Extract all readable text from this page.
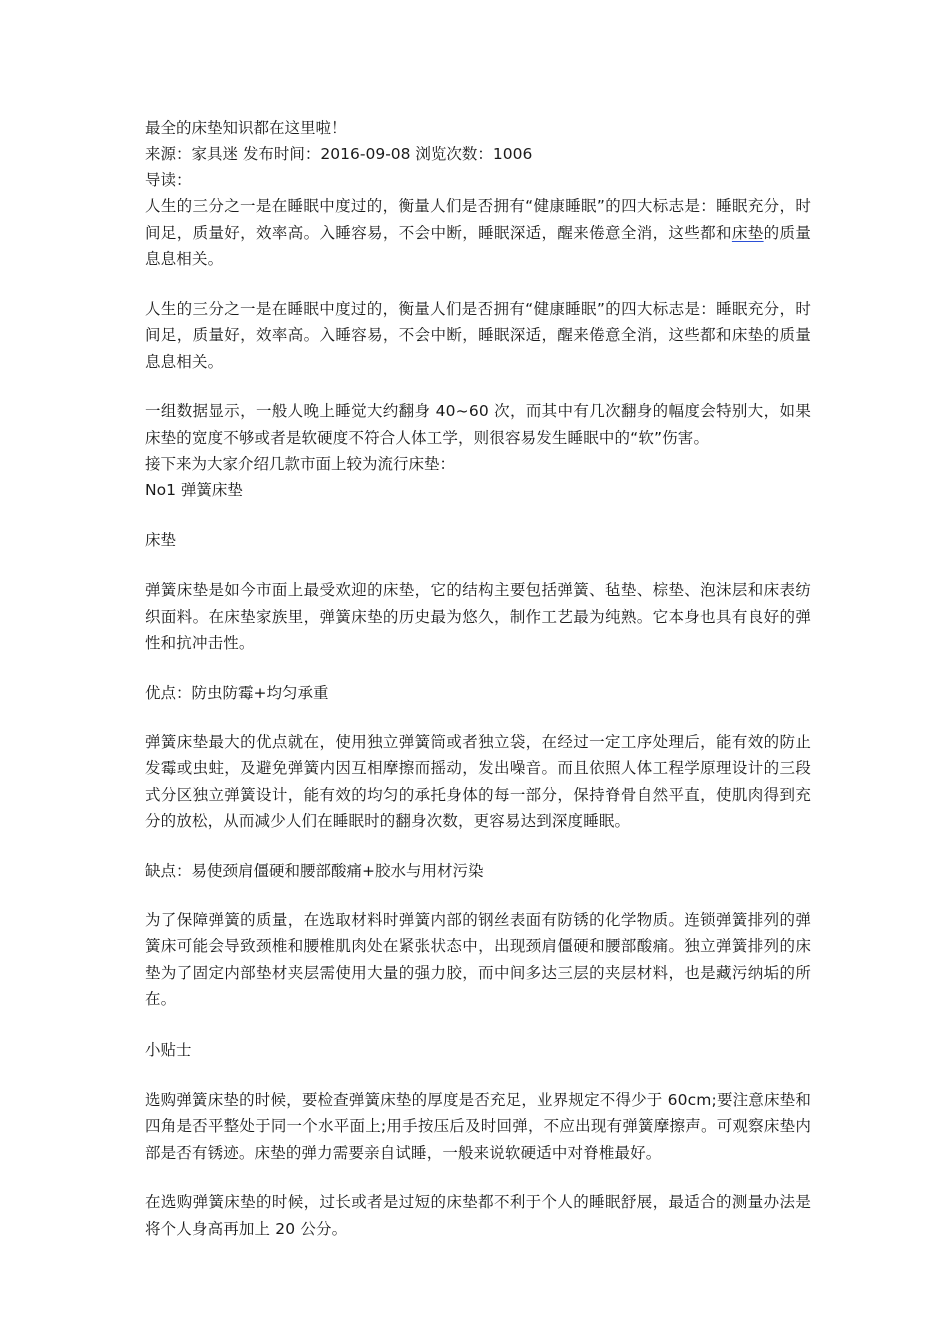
最全的床垫知识都在这里啦！

来源：家具迷 发布时间：2016-09-08 浏览次数：1006

导读：

人生的三分之一是在睡眠中度过的，衡量人们是否拥有“健康睡眠”的四大标志是：睡眠充分，时间足，质量好，效率高。入睡容易，不会中断，睡眠深适，醒来倦意全消，这些都和床垫的质量息息相关。

人生的三分之一是在睡眠中度过的，衡量人们是否拥有“健康睡眠”的四大标志是：睡眠充分，时间足，质量好，效率高。入睡容易，不会中断，睡眠深适，醒来倦意全消，这些都和床垫的质量息息相关。

一组数据显示，一般人晚上睡觉大约翻身 40~60 次，而其中有几次翻身的幅度会特别大，如果床垫的宽度不够或者是软硬度不符合人体工学，则很容易发生睡眠中的“软”伤害。

接下来为大家介绍几款市面上较为流行床垫：

No1 弹簧床垫

床垫

弹簧床垫是如今市面上最受欢迎的床垫，它的结构主要包括弹簧、毡垫、棕垫、泡沫层和床表纺织面料。在床垫家族里，弹簧床垫的历史最为悠久，制作工艺最为纯熟。它本身也具有良好的弹性和抗冲击性。

优点：防虫防霉+均匀承重

弹簧床垫最大的优点就在，使用独立弹簧筒或者独立袋，在经过一定工序处理后，能有效的防止发霉或虫蛀，及避免弹簧内因互相摩擦而摇动，发出噪音。而且依照人体工程学原理设计的三段式分区独立弹簧设计，能有效的均匀的承托身体的每一部分，保持脊骨自然平直，使肌肉得到充分的放松，从而减少人们在睡眠时的翻身次数，更容易达到深度睡眠。

缺点：易使颈肩僵硬和腰部酸痛+胶水与用材污染

为了保障弹簧的质量，在选取材料时弹簧内部的钢丝表面有防锈的化学物质。连锁弹簧排列的弹簧床可能会导致颈椎和腰椎肌肉处在紧张状态中，出现颈肩僵硬和腰部酸痛。独立弹簧排列的床垫为了固定内部垫材夹层需使用大量的强力胶，而中间多达三层的夹层材料，也是藏污纳垢的所在。

小贴士

选购弹簧床垫的时候，要检查弹簧床垫的厚度是否充足，业界规定不得少于 60cm;要注意床垫和四角是否平整处于同一个水平面上;用手按压后及时回弹，不应出现有弹簧摩擦声。可观察床垫内部是否有锈迹。床垫的弹力需要亲自试睡，一般来说软硬适中对脊椎最好。

在选购弹簧床垫的时候，过长或者是过短的床垫都不利于个人的睡眠舒展，最适合的测量办法是将个人身高再加上 20 公分。
